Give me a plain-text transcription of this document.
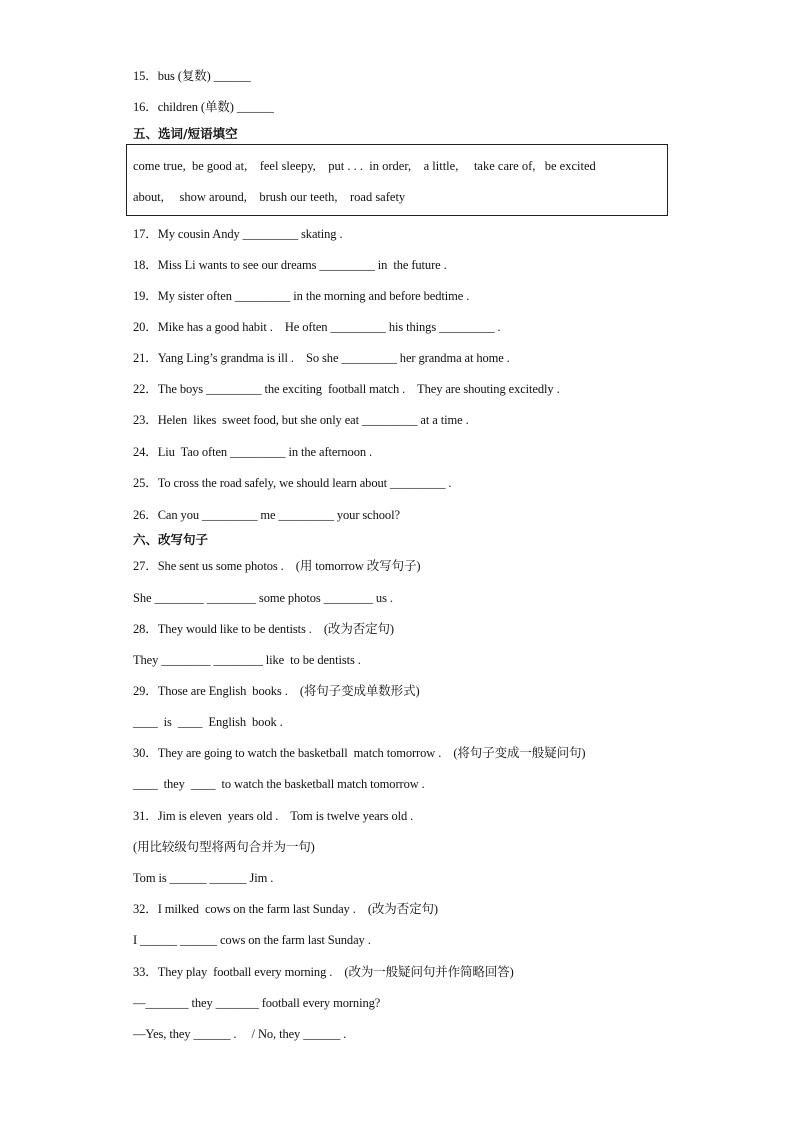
15．bus (复数) ______
16．children (单数) ______
五、选词/短语填空
come true,  be good at,    feel sleepy,    put . . .  in order,    a little,     take care of,   be excited
about,     show around,    brush our teeth,    road safety
17．My cousin Andy _________ skating .
18．Miss Li wants to see our dreams _________ in  the future .
19．My sister often _________ in the morning and before bedtime .
20．Mike has a good habit .    He often _________ his things _________ .
21．Yang Ling’s grandma is ill .    So she _________ her grandma at home .
22．The boys _________ the exciting  football match .    They are shouting excitedly .
23．Helen  likes  sweet food, but she only eat _________ at a time .
24．Liu  Tao often _________ in the afternoon .
25．To cross the road safely, we should learn about _________ .
26．Can you _________ me _________ your school?
六、改写句子
27．She sent us some photos .    (用 tomorrow 改写句子)
She ________ ________ some photos ________ us .
28．They would like to be dentists .    (改为否定句)
They ________ ________ like  to be dentists .
29．Those are English  books .    (将句子变成单数形式)
____  is  ____  English  book .
30．They are going to watch the basketball  match tomorrow .    (将句子变成一般疑问句)
____  they  ____  to watch the basketball match tomorrow .
31．Jim is eleven  years old .    Tom is twelve years old .
(用比较级句型将两句合并为一句)
Tom is ______ ______ Jim .
32．I milked  cows on the farm last Sunday .    (改为否定句)
I ______ ______ cows on the farm last Sunday .
33．They play  football every morning .    (改为一般疑问句并作简略回答)
—_______ they _______ football every morning?
—Yes, they ______ .     / No, they ______ .
